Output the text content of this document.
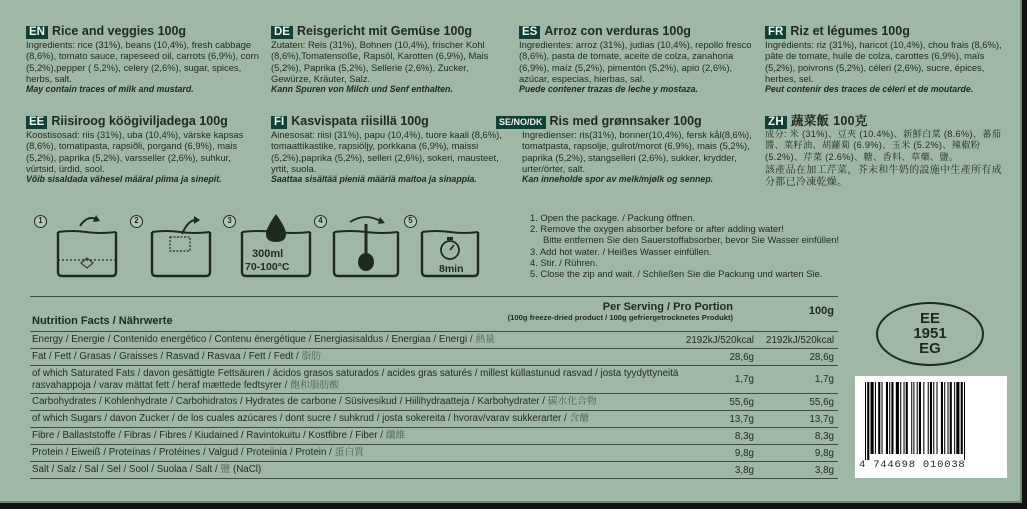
EN Rice and veggies 100g
Ingredients: rice (31%), beans (10,4%), fresh cabbage (8,6%), tomato sauce, rapeseed oil, carrots (6,9%), corn (5,2%),pepper ( 5,2%), celery (2,6%), sugar, spices, herbs, salt.
May contain traces of milk and mustard.
DE Reisgericht mit Gemüse 100g
Zutaten: Reis (31%), Bohnen (10,4%), frischer Kohl (8,6%),Tomatensoße, Rapsöl, Karotten (6,9%), Mais (5,2%), Paprika (5,2%), Sellerie (2,6%), Zucker, Gewürze, Kräuter, Salz.
Kann Spuren von Milch und Senf enthalten.
ES Arroz con verduras 100g
Ingredientes: arroz (31%), judias (10,4%), repollo fresco (8,6%), pasta de tomate, aceite de colza, zanahoria (6,9%), maíz (5,2%), pimentón (5,2%), apio (2,6%), azúcar, especias, hierbas, sal.
Puede contener trazas de leche y mostaza.
FR Riz et légumes 100g
Ingrédients: riz (31%), haricot (10,4%), chou frais (8,6%), pâte de tomate, huile de colza, carottes (6,9%), maïs (5,2%), poivrons (5,2%), céleri (2,6%), sucre, épices, herbes, sel.
Peut contenir des traces de céleri et de moutarde.
EE Riisiroog köögiviljadega 100g
Koostisosad: riis (31%), uba (10,4%), värske kapsas (8,6%), tomatipasta, rapsiõli, porgand (6,9%), mais (5,2%), paprika (5,2%), varsseller (2,6%), suhkur, vürtsid, ürdid, sool.
Võib sisaldada vähesel määral piima ja sinepit.
FI Kasvispata riisillä 100g
Ainesosat: riisi (31%), papu (10,4%), tuore kaali (8,6%), tomaattikastike, rapsiöljy, porkkana (6,9%), maissi (5,2%),paprika (5,2%), selleri (2,6%), sokeri, mausteet, yrtit, suola.
Saattaa sisältää pieniä määriä maitoa ja sinappia.
SE/NO/DK Ris med grønnsaker 100g
Ingredienser: ris(31%), bonner(10,4%), fersk kål(8,6%), tomatpasta, rapsolje, gulrot/morot (6,9%), mais (5,2%), paprika (5,2%), stangselleri (2,6%), sukker, krydder, urter/örter, salt.
Kan inneholde spor av melk/mjølk og sennep.
ZH 蔬菜飯 100克
成分: 米 (31%)、豆夾 (10.4%)、新鮮白菜 (8.6%)、蕃茄醬、菜籽油、胡蘿蔔 (6.9%)、玉米 (5.2%)、辣椒粉 (5.2%)、芹菜 (2.6%)、糖、香料、草藥、鹽。
該產品在加工芹菜，芥末和牛奶的設施中生產所有成分都已冷凍乾燥。
1	2	3
300ml
70-100°C
4	5
8min
1. Open the package. / Packung öffnen.
2. Remove the oxygen absorber before or after adding water!
Bitte entfernen Sie den Sauerstoffabsorber, bevor Sie Wasser einfüllen!
3. Add hot water. / Heißes Wasser einfüllen.
4. Stir. / Rühren.
5. Close the zip and wait. / Schließen Sie die Packung und warten Sie.
Nutrition Facts / Nährwerte
Per Serving / Pro Portion
(100g freeze-dried product / 100g gefriergetrocknetes Produkt)
100g
Energy / Energie / Contenido energético / Contenu énergétique / Energiasisaldus / Energiaa / Energi / 熱量	2192kJ/520kcal	2192kJ/520kcal
Fat / Fett / Grasas / Graisses / Rasvad / Rasvaa / Fett / Fedt / 脂肪	28,6g	28,6g
of which Saturated Fats / davon gesättigte Fettsäuren / ácidos grasos saturados / acides gras saturés / millest küllastunud rasvad / josta tyydyttyneitä rasvahappoja / varav mättat fett / heraf mættede fedtsyrer / 飽和脂肪酸	1,7g	1,7g
Carbohydrates / Kohlenhydrate / Carbohidratos / Hydrates de carbone / Süsivesikud / Hiilihydraatteja / Karbohydrater / 碳水化合物	55,6g	55,6g
of which Sugars / davon Zucker / de los cuales azúcares / dont sucre / suhkrud / josta sokereita / hvorav/varav sukkerarter / 含醣	13,7g	13,7g
Fibre / Ballaststoffe / Fibras / Fibres / Kiudained / Ravintokuitu / Kostfibre / Fiber / 纖維	8,3g	8,3g
Protein / Eiweiß / Proteínas / Protéines / Valgud / Proteiinia / Protein / 蛋白質	9,8g	9,8g
Salt / Salz / Sal / Sel / Sool / Suolaa / Salt / 鹽 (NaCl)	3,8g	3,8g
EE
1951
EG
4 744698 010038
